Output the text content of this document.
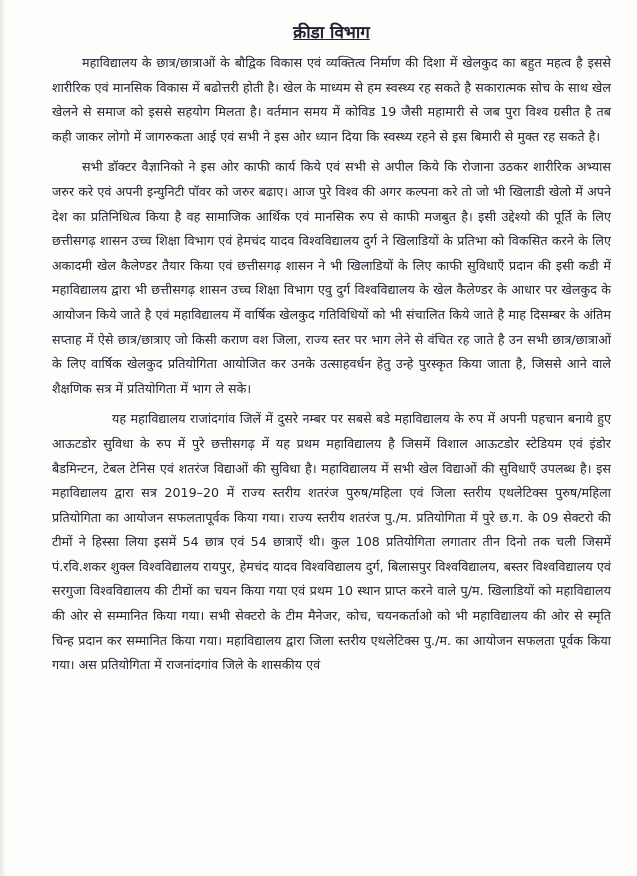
क्रीडा विभाग

महाविद्यालय के छात्र/छात्राओं के बौद्विक विकास एवं व्यक्तित्व निर्माण की दिशा में खेलकुद का बहुत महत्व है इससे शारीरिक एवं मानसिक विकास में बढोत्तरी होती है। खेल के माध्यम से हम स्वस्थ्य रह सकते है सकारात्मक सोच के साथ खेल खेलने से समाज को इससे सहयोग मिलता है। वर्तमान समय में कोविड 19 जैसी महामारी से जब पुरा विश्व ग्रसीत है तब कही जाकर लोगो में जागरुकता आई एवं सभी ने इस ओर ध्यान दिया कि स्वस्थ्य रहने से इस बिमारी से मुक्त रह सकते है।

सभी डॉक्टर वैज्ञानिको ने इस ओर काफी कार्य किये एवं सभी से अपील किये कि रोजाना उठकर शारीरिक अभ्यास जरुर करे एवं अपनी इन्युनिटी पॉवर को जरुर बढाए। आज पुरे विश्व की अगर कल्पना करे तो जो भी खिलाडी खेलो में अपने देश का प्रतिनिधित्व किया है वह सामाजिक आर्थिक एवं मानसिक रुप से काफी मजबुत है। इसी उद्देश्यो की पूर्ति के लिए छत्तीसगढ़ शासन उच्च शिक्षा विभाग एवं हेमचंद यादव विश्वविद्यालय दुर्ग ने खिलाडियों के प्रतिभा को विकसित करने के लिए अकादमी खेल कैलेण्डर तैयार किया एवं छत्तीसगढ़ शासन ने भी खिलाडियों के लिए काफी सुविधाएँ प्रदान की इसी कडी में महाविद्यालय द्वारा भी छत्तीसगढ़ शासन उच्च शिक्षा विभाग एवु दुर्ग विश्वविद्यालय के खेल कैलेण्डर के आधार पर खेलकुद के आयोजन किये जाते है एवं महाविद्यालय में वार्षिक खेलकुद गतिविधियों को भी संचालित किये जाते है माह दिसम्बर के अंतिम सप्ताह में ऐसे छात्र/छात्राए जो किसी कराण वश जिला, राज्य स्तर पर भाग लेने से वंचित रह जाते है उन सभी छात्र/छात्राओं के लिए वार्षिक खेलकुद प्रतियोगिता आयोजित कर उनके उत्साहवर्धन हेतु उन्हे पुरस्कृत किया जाता है, जिससे आने वाले शैक्षणिक सत्र में प्रतियोगिता में भाग ले सके।

यह महाविद्यालय राजांदगांव जिलें में दुसरे नम्बर पर सबसे बडे महाविद्यालय के रुप में अपनी पहचान बनाये हुए आऊटडोर सुविधा के रुप में पुरे छत्तीसगढ़ में यह प्रथम महाविद्यालय है जिसमें विशाल आऊटडोर स्टेडियम एवं इंडोर बैडमिन्टन, टेबल टेनिस एवं शतरंज विद्याओं की सुविधा है। महाविद्यालय में सभी खेल विद्याओं की सुविधाएँ उपलब्ध है। इस महाविद्यालय द्वारा सत्र 2019–20 में राज्य स्तरीय शतरंज पुरुष/महिला एवं जिला स्तरीय एथलेटिक्स पुरुष/महिला प्रतियोगिता का आयोजन सफलतापूर्वक किया गया। राज्य स्तरीय शतरंज पु./म. प्रतियोगिता में पुरे छ.ग. के 09 सेक्टरो की टीमों ने हिस्सा लिया इसमें 54 छात्र एवं 54 छात्राऐं थी। कुल 108 प्रतियोगिता लगातार तीन दिनो तक चली जिसमें पं.रवि.शकर शुक्ल विश्वविद्यालय रायपुर, हेमचंद यादव विश्वविद्यालय दुर्ग, बिलासपुर विश्वविद्यालय, बस्तर विश्वविद्यालय एवं सरगुजा विश्वविद्यालय की टीमों का चयन किया गया एवं प्रथम 10 स्थान प्राप्त करने वाले पु/म. खिलाडियों को महाविद्यालय की ओर से सम्मानित किया गया। सभी सेक्टरो के टीम मैनेजर, कोच, चयनकर्ताओ को भी महाविद्यालय की ओर से स्मृति चिन्ह प्रदान कर सम्मानित किया गया। महाविद्यालय द्वारा जिला स्तरीय एथलेटिक्स पु./म. का आयोजन सफलता पूर्वक किया गया। अस प्रतियोगिता में राजनांदगांव जिले के शासकीय एवं
